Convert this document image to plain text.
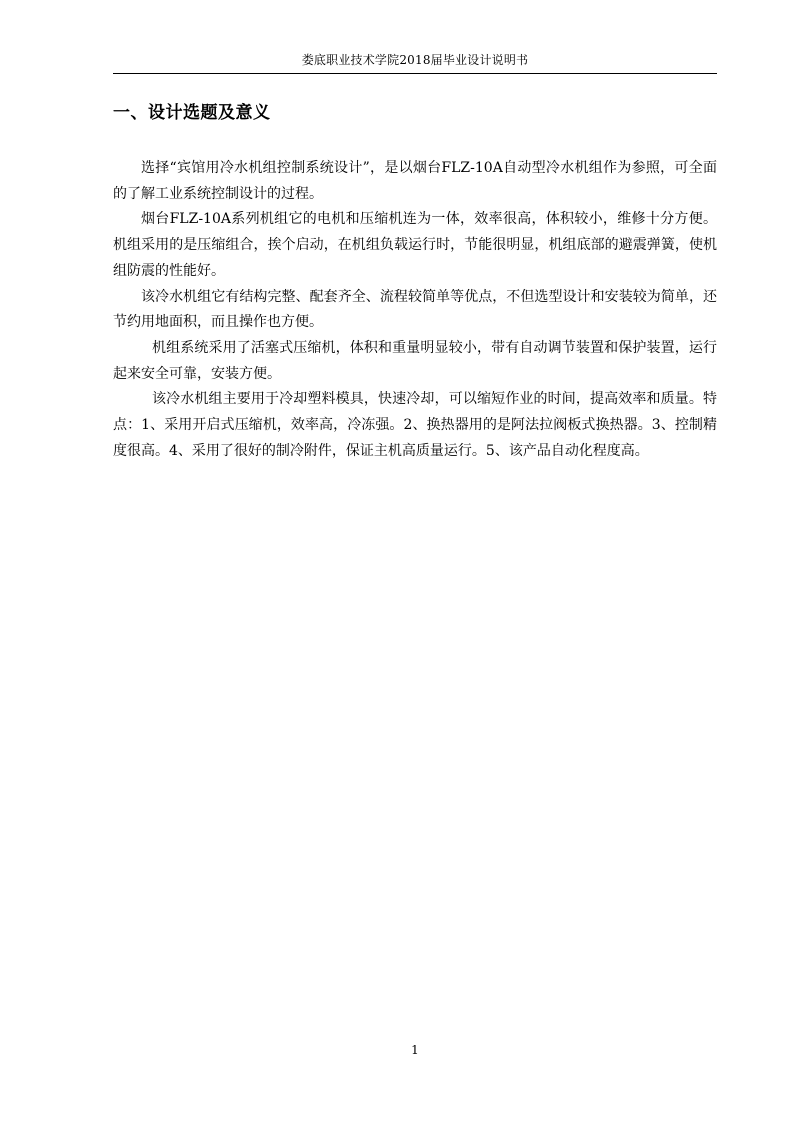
娄底职业技术学院2018届毕业设计说明书
一、设计选题及意义

选择“宾馆用冷水机组控制系统设计”，是以烟台FLZ-10A自动型冷水机组作为参照，可全面的了解工业系统控制设计的过程。

烟台FLZ-10A系列机组它的电机和压缩机连为一体，效率很高，体积较小，维修十分方便。机组采用的是压缩组合，挨个启动，在机组负载运行时，节能很明显，机组底部的避震弹簧，使机组防震的性能好。

该冷水机组它有结构完整、配套齐全、流程较简单等优点，不但选型设计和安装较为简单，还节约用地面积，而且操作也方便。

机组系统采用了活塞式压缩机，体积和重量明显较小，带有自动调节装置和保护装置，运行起来安全可靠，安装方便。

该冷水机组主要用于冷却塑料模具，快速冷却，可以缩短作业的时间，提高效率和质量。特点：1、采用开启式压缩机，效率高，冷冻强。2、换热器用的是阿法拉阀板式换热器。3、控制精度很高。4、采用了很好的制冷附件，保证主机高质量运行。5、该产品自动化程度高。

1
